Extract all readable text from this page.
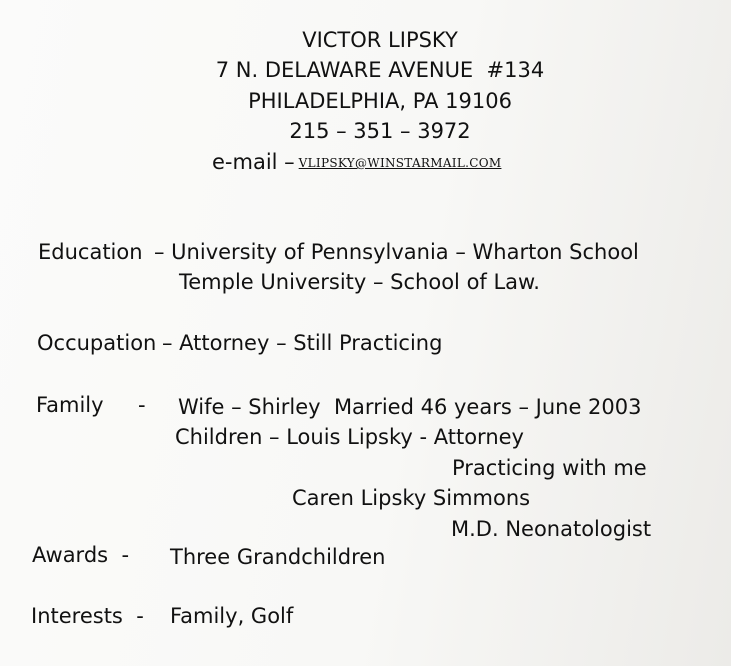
VICTOR LIPSKY
7 N. DELAWARE AVENUE  #134
PHILADELPHIA, PA 19106
215 – 351 – 3972
e-mail – VLIPSKY@WINSTARMAIL.COM
Education – University of Pennsylvania – Wharton School
Temple University – School of Law.
Occupation – Attorney – Still Practicing
Family - Wife – Shirley  Married 46 years – June 2003
Children – Louis Lipsky - Attorney
Practicing with me
Caren Lipsky Simmons
M.D. Neonatologist
Awards  - Three Grandchildren
Interests  - Family, Golf
